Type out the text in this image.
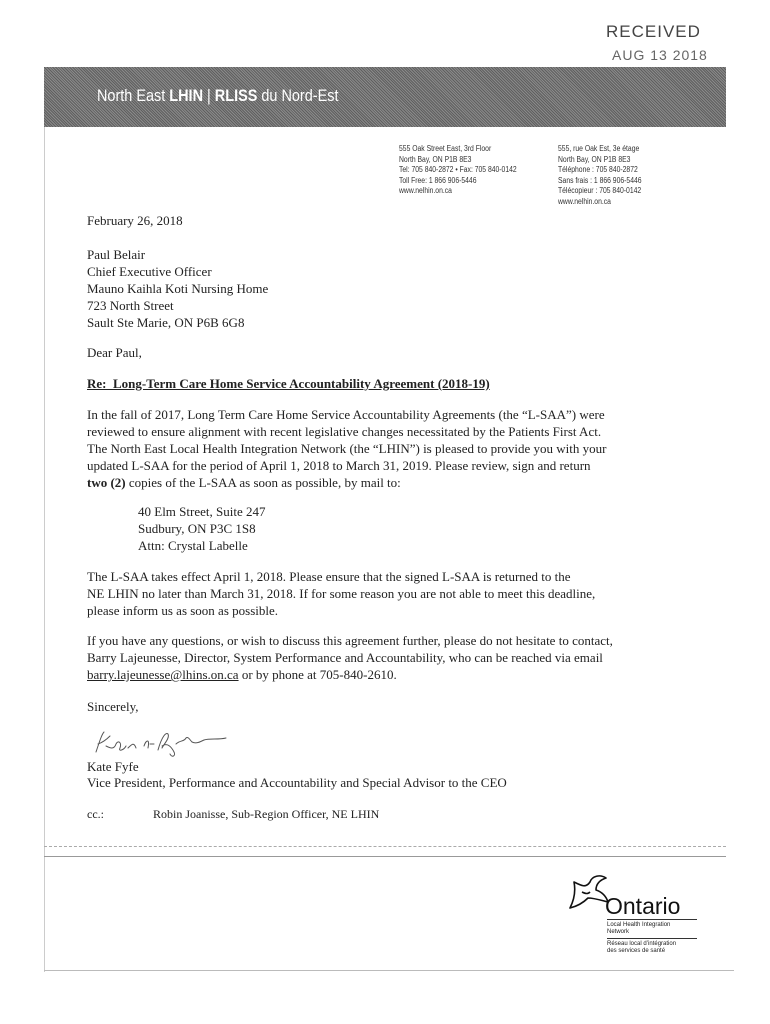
RECEIVED
AUG 13 2018
North East LHIN | RLISS du Nord-Est
555 Oak Street East, 3rd Floor
North Bay, ON P1B 8E3
Tel: 705 840-2872 • Fax: 705 840-0142
Toll Free: 1 866 906-5446
www.nelhin.on.ca
555, rue Oak Est, 3e étage
North Bay, ON P1B 8E3
Téléphone : 705 840-2872
Sans frais : 1 866 906-5446
Télécopieur : 705 840-0142
www.nelhin.on.ca
February 26, 2018
Paul Belair
Chief Executive Officer
Mauno Kaihla Koti Nursing Home
723 North Street
Sault Ste Marie, ON P6B 6G8
Dear Paul,
Re:  Long-Term Care Home Service Accountability Agreement (2018-19)
In the fall of 2017, Long Term Care Home Service Accountability Agreements (the “L-SAA”) were
reviewed to ensure alignment with recent legislative changes necessitated by the Patients First Act.
The North East Local Health Integration Network (the “LHIN”) is pleased to provide you with your
updated L-SAA for the period of April 1, 2018 to March 31, 2019. Please review, sign and return
two (2) copies of the L-SAA as soon as possible, by mail to:
40 Elm Street, Suite 247
Sudbury, ON P3C 1S8
Attn: Crystal Labelle
The L-SAA takes effect April 1, 2018. Please ensure that the signed L-SAA is returned to the
NE LHIN no later than March 31, 2018. If for some reason you are not able to meet this deadline,
please inform us as soon as possible.
If you have any questions, or wish to discuss this agreement further, please do not hesitate to contact,
Barry Lajeunesse, Director, System Performance and Accountability, who can be reached via email
barry.lajeunesse@lhins.on.ca or by phone at 705-840-2610.
Sincerely,
Kate Fyfe
Vice President, Performance and Accountability and Special Advisor to the CEO
cc.:	Robin Joanisse, Sub-Region Officer, NE LHIN
Ontario
Local Health Integration
Network
Réseau local d’intégration
des services de santé
